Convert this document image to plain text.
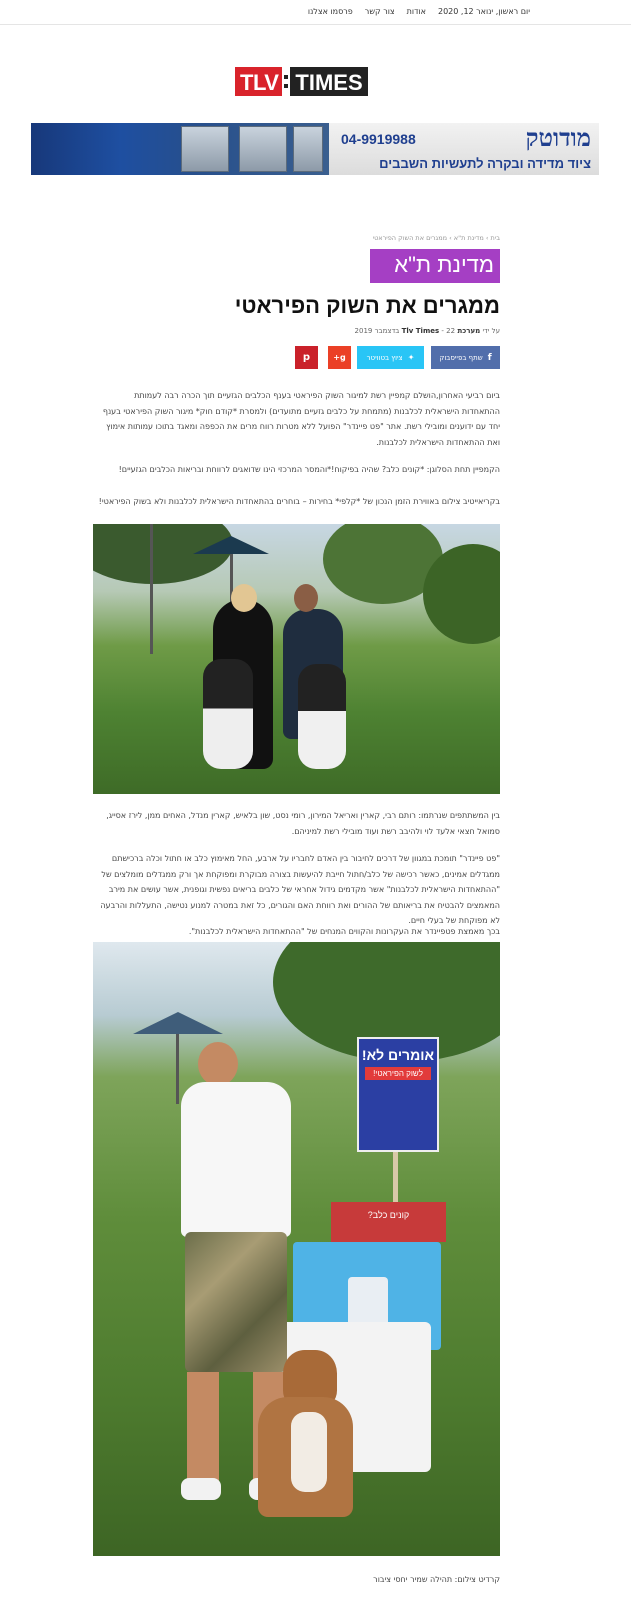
יום ראשון, ינואר 12, 2020
אודות
צור קשר
פרסמו אצלנו
TLV TIMES
מודוטק
04-9919988
ציוד מדידה ובקרה לתעשיות השבבים
בית › מדינת ת"א › ממגרים את השוק הפיראטי
מדינת ת"א
ממגרים את השוק הפיראטי
על ידי מערכת Tlv Times - 22 בדצמבר 2019
f
שתף בפייסבוק
✦
ציוץ בטוויטר
g+
p

ביום רביעי האחרון,הושלם קמפיין רשת למיגור השוק הפיראטי בענף הכלבים הגזעיים תוך הכרה רבה לעמותת ההתאחדות הישראלית לכלבנות (מתמחת על כלבים גזעיים מתועדים) ולמסרת *קודם חוק* מיגור השוק הפיראטי בענף יחד עם ידוענים ומובילי רשת. אתר "פט פיינדר" הפועל ללא מטרות רווח מרים את הכפפה ומאגד בתוכו עמותות אימוץ ואת ההתאחדות הישראלית לכלבנות.

הקמפיין תחת הסלוגן: *קונים כלב? שהיה בפיקוח!*והמסר המרכזי הינו שדואגים לרווחת ובריאות הכלבים הגזעיים!

בקריאייטיב צילום באווירת הזמן הנכון של *קלפי* בחירות – בוחרים בהתאחדות הישראלית לכלבנות ולא בשוק הפיראטי!

בין המשתתפים שנרתמו: רותם רבי, קארין ואריאל המירון, רומי נסט, שון בלאיש, קארין מנדל, האחים ממן, לירז אסייג, סמואל חצאי אלעד לוי ולהיבב רשת ועוד מובילי רשת למיניהם.

"פט פיינדר" תומכת במגוון של דרכים לחיבור בין האדם לחבריו על ארבע, החל מאימוץ כלב או חתול וכלה ברכישתם ממגדלים אמינים, כאשר רכישה של כלב/חתול חייבת להיעשות בצורה מבוקרת ומפוקחת אך ורק ממגדלים מומלצים של "ההתאחדות הישראלית לכלבנות" אשר מקדמים גידול אחראי של כלבים בריאים נפשית וגופנית, אשר עושים את מירב המאמצים להבטיח את בריאותם של ההורים ואת רווחת האם והגורים, כל זאת במטרה למנוע נטישה, התעללות והרבעה לא מפוקחת של בעלי חיים.

בכך מאמצת פטפיינדר את העקרונות והקווים המנחים של "ההתאחדות הישראלית לכלבנות".

אומרים לא!
לשוק הפיראטי!
קונים כלב?

קרדיט צילום: תהילה שמיר יחסי ציבור
